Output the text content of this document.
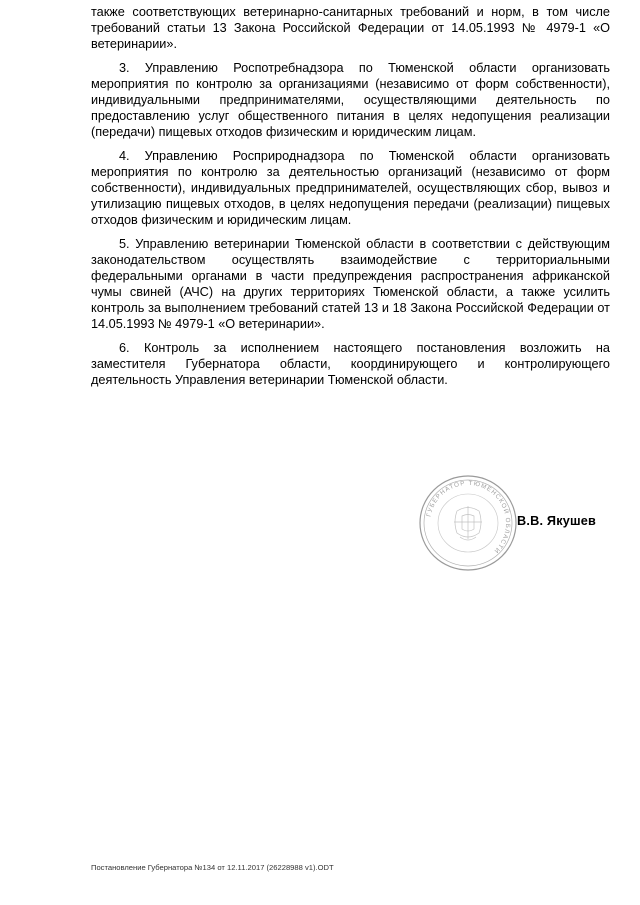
также соответствующих ветеринарно-санитарных требований и норм, в том числе требований статьи 13 Закона Российской Федерации от 14.05.1993 № 4979-1 «О ветеринарии».

3. Управлению Роспотребнадзора по Тюменской области организовать мероприятия по контролю за организациями (независимо от форм собственности), индивидуальными предпринимателями, осуществляющими деятельность по предоставлению услуг общественного питания в целях недопущения реализации (передачи) пищевых отходов физическим и юридическим лицам.

4. Управлению Росприроднадзора по Тюменской области организовать мероприятия по контролю за деятельностью организаций (независимо от форм собственности), индивидуальных предпринимателей, осуществляющих сбор, вывоз и утилизацию пищевых отходов, в целях недопущения передачи (реализации) пищевых отходов физическим и юридическим лицам.

5. Управлению ветеринарии Тюменской области в соответствии с действующим законодательством осуществлять взаимодействие с территориальными федеральными органами в части предупреждения распространения африканской чумы свиней (АЧС) на других территориях Тюменской области, а также усилить контроль за выполнением требований статей 13 и 18 Закона Российской Федерации от 14.05.1993 № 4979-1 «О ветеринарии».

6. Контроль за исполнением настоящего постановления возложить на заместителя Губернатора области, координирующего и контролирующего деятельность Управления ветеринарии Тюменской области.

ГУБЕРНАТОР ТЮМЕНСКОЙ ОБЛАСТИ
В.В. Якушев
Постановление Губернатора №134 от 12.11.2017 (26228988 v1).ODT
